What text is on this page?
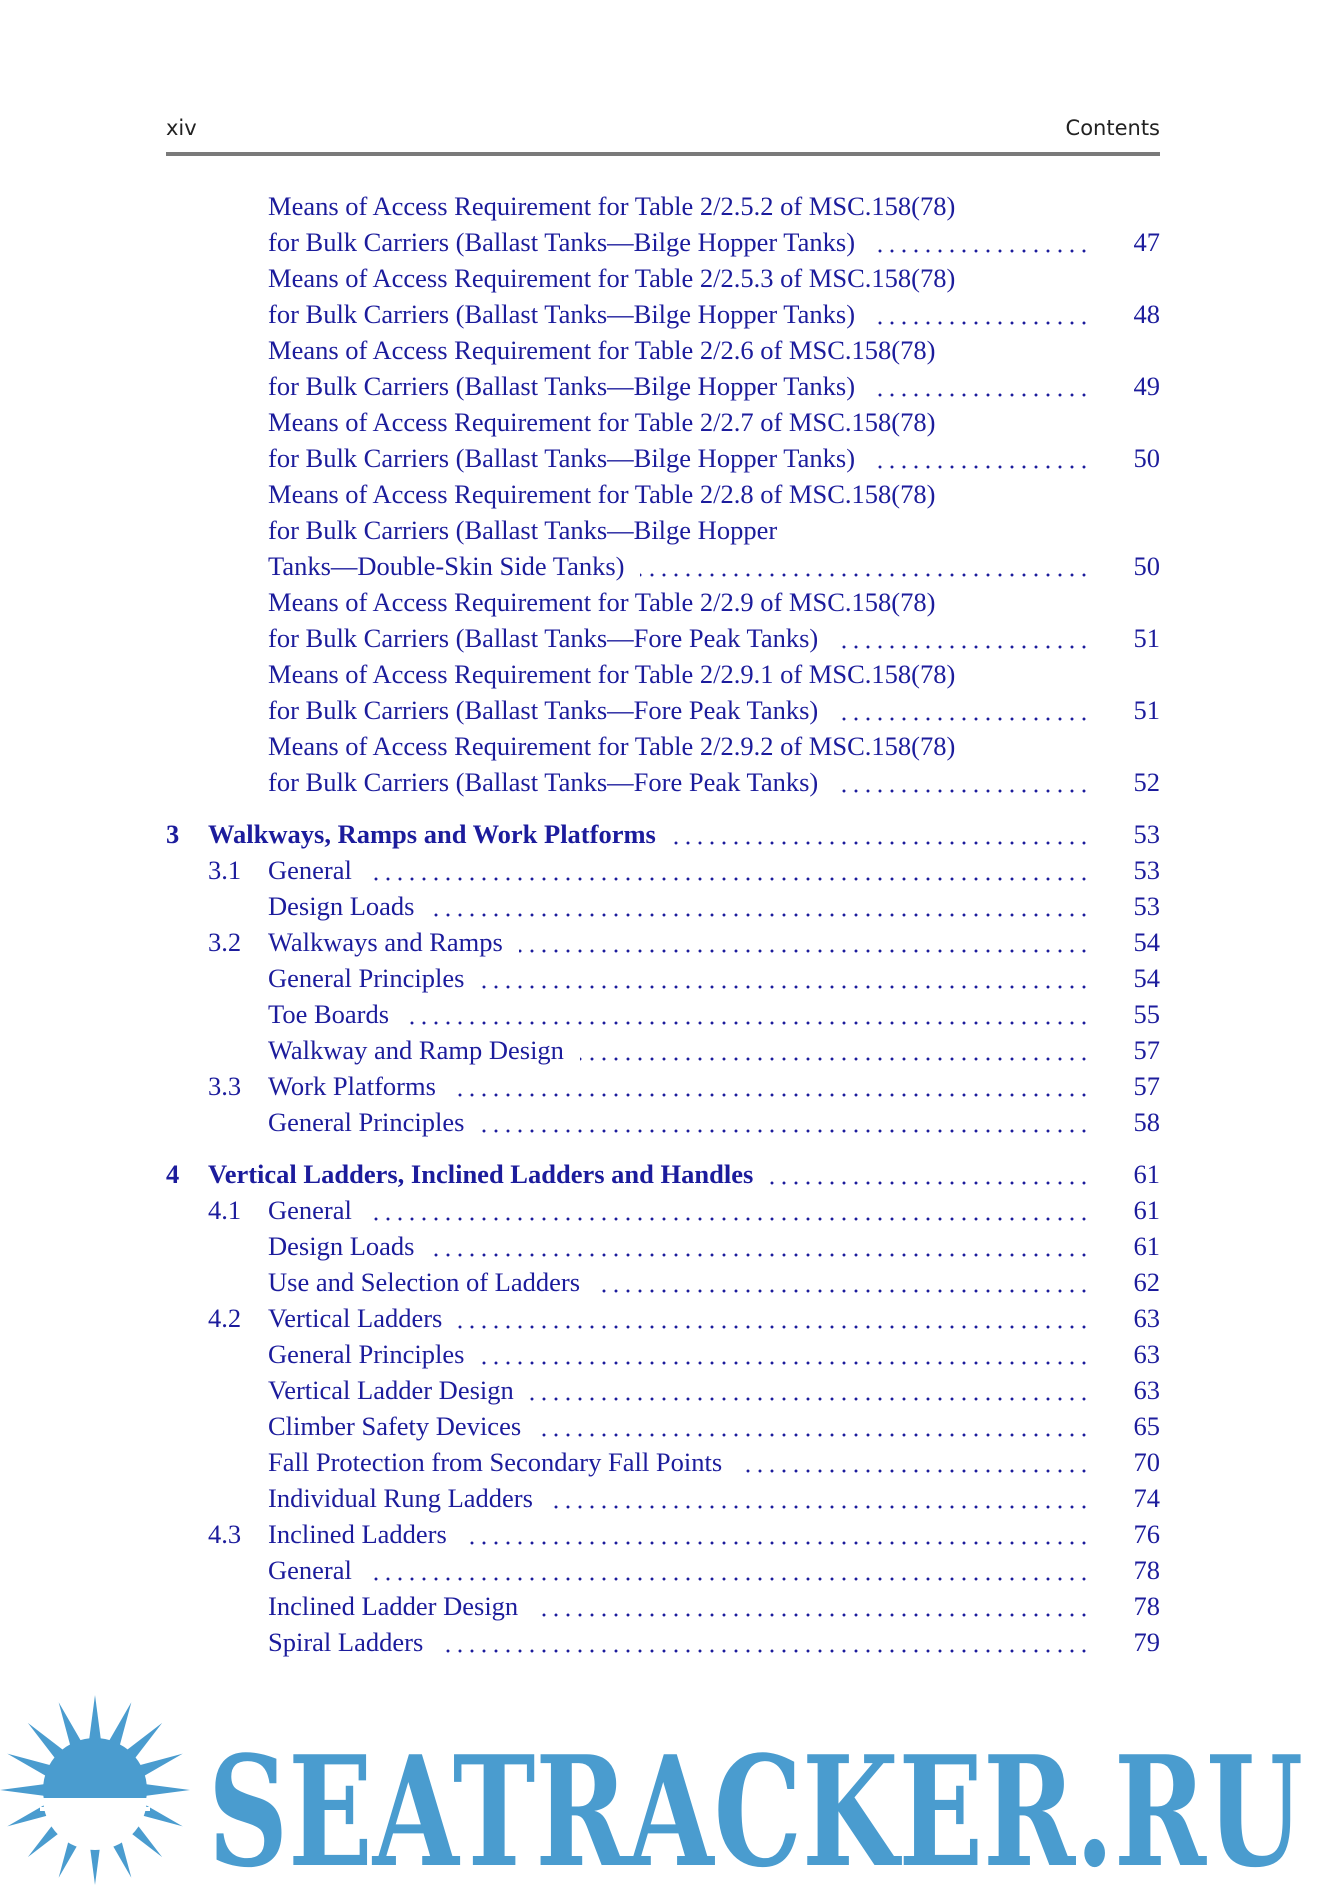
xiv	Contents
Means of Access Requirement for Table 2/2.5.2 of MSC.158(78)
for Bulk Carriers (Ballast Tanks—Bilge Hopper Tanks)	47
Means of Access Requirement for Table 2/2.5.3 of MSC.158(78)
for Bulk Carriers (Ballast Tanks—Bilge Hopper Tanks)	48
Means of Access Requirement for Table 2/2.6 of MSC.158(78)
for Bulk Carriers (Ballast Tanks—Bilge Hopper Tanks)	49
Means of Access Requirement for Table 2/2.7 of MSC.158(78)
for Bulk Carriers (Ballast Tanks—Bilge Hopper Tanks)	50
Means of Access Requirement for Table 2/2.8 of MSC.158(78)
for Bulk Carriers (Ballast Tanks—Bilge Hopper
Tanks—Double-Skin Side Tanks)	50
Means of Access Requirement for Table 2/2.9 of MSC.158(78)
for Bulk Carriers (Ballast Tanks—Fore Peak Tanks)	51
Means of Access Requirement for Table 2/2.9.1 of MSC.158(78)
for Bulk Carriers (Ballast Tanks—Fore Peak Tanks)	51
Means of Access Requirement for Table 2/2.9.2 of MSC.158(78)
for Bulk Carriers (Ballast Tanks—Fore Peak Tanks)	52
3 Walkways, Ramps and Work Platforms	53
3.1 General	53
Design Loads	53
3.2 Walkways and Ramps	54
General Principles	54
Toe Boards	55
Walkway and Ramp Design	57
3.3 Work Platforms	57
General Principles	58
4 Vertical Ladders, Inclined Ladders and Handles	61
4.1 General	61
Design Loads	61
Use and Selection of Ladders	62
4.2 Vertical Ladders	63
General Principles	63
Vertical Ladder Design	63
Climber Safety Devices	65
Fall Protection from Secondary Fall Points	70
Individual Rung Ladders	74
4.3 Inclined Ladders	76
General	78
Inclined Ladder Design	78
Spiral Ladders	79
SEATRACKER.RU
